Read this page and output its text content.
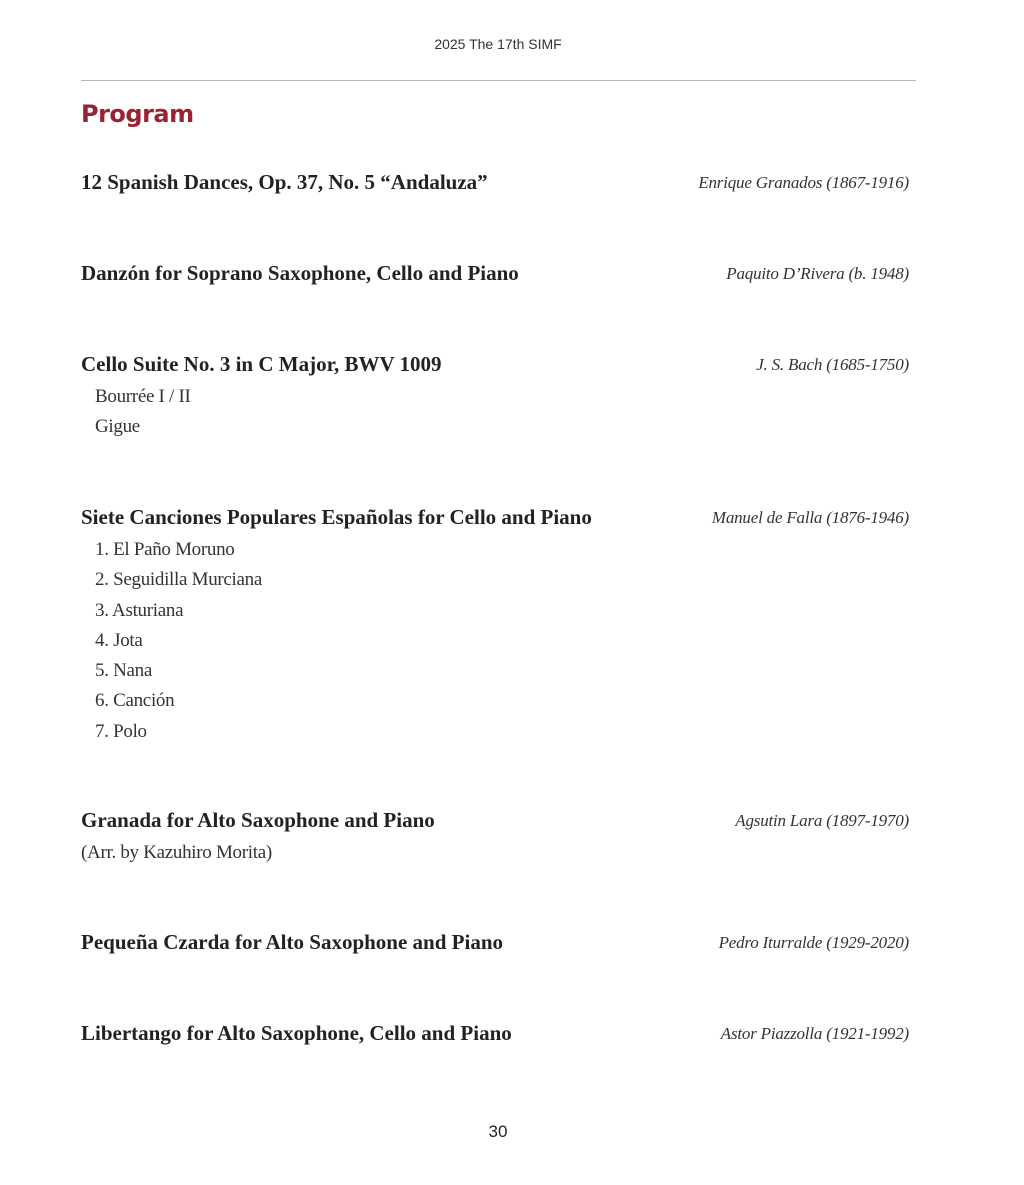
2025 The 17th SIMF
Program
12 Spanish Dances, Op. 37, No. 5 “Andaluza”	Enrique Granados (1867-1916)
Danzón for Soprano Saxophone, Cello and Piano	Paquito D’Rivera (b. 1948)
Cello Suite No. 3 in C Major, BWV 1009	J. S. Bach (1685-1750)
Bourrée I / II
Gigue
Siete Canciones Populares Españolas for Cello and Piano	Manuel de Falla (1876-1946)
1. El Paño Moruno
2. Seguidilla Murciana
3. Asturiana
4. Jota
5. Nana
6. Canción
7. Polo
Granada for Alto Saxophone and Piano	Agsutin Lara (1897-1970)
(Arr. by Kazuhiro Morita)
Pequeña Czarda for Alto Saxophone and Piano	Pedro Iturralde (1929-2020)
Libertango for Alto Saxophone, Cello and Piano	Astor Piazzolla (1921-1992)
30
